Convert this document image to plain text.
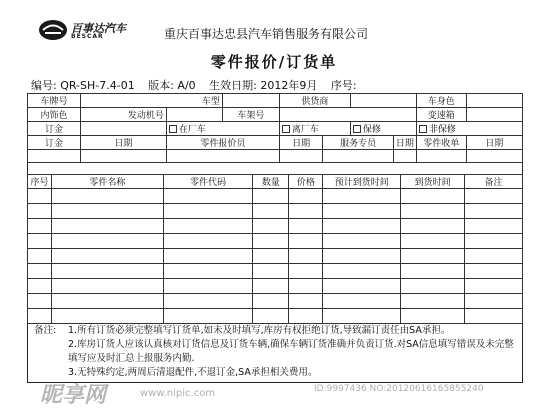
百事达汽车
BESCAR	重庆百事达忠县汽车销售服务有限公司
零件报价/订货单
编号: QR-SH-7.4-01 版本: A/0 生效日期: 2012年9月 序号:
车牌号	车型			供货商				车身色	
内饰色	发动机号		车架号					变速箱	
订金		在厂车		离厂车		保修		非保修	
订金	日期	零件报价员		日期	服务专员		日期	零件收单	日期

序号	零件名称	零件代码	数量	价格	预计到货时间	到货时间	备注

备注: 1.所有订货必须完整填写订货单,如未及时填写,库房有权拒绝订货,导致漏订责任由SA承担。
2.库房订货人应该认真核对订货信息及订货车辆,确保车辆订货准确并负责订货.对SA信息填写错误及未完整填写应及时汇总上报服务内勤.
3.无特殊约定,两周后清退配件,不退订金,SA承担相关费用。
昵享网	www.nipic.com	ID:9997436 NO:20120616165855240
